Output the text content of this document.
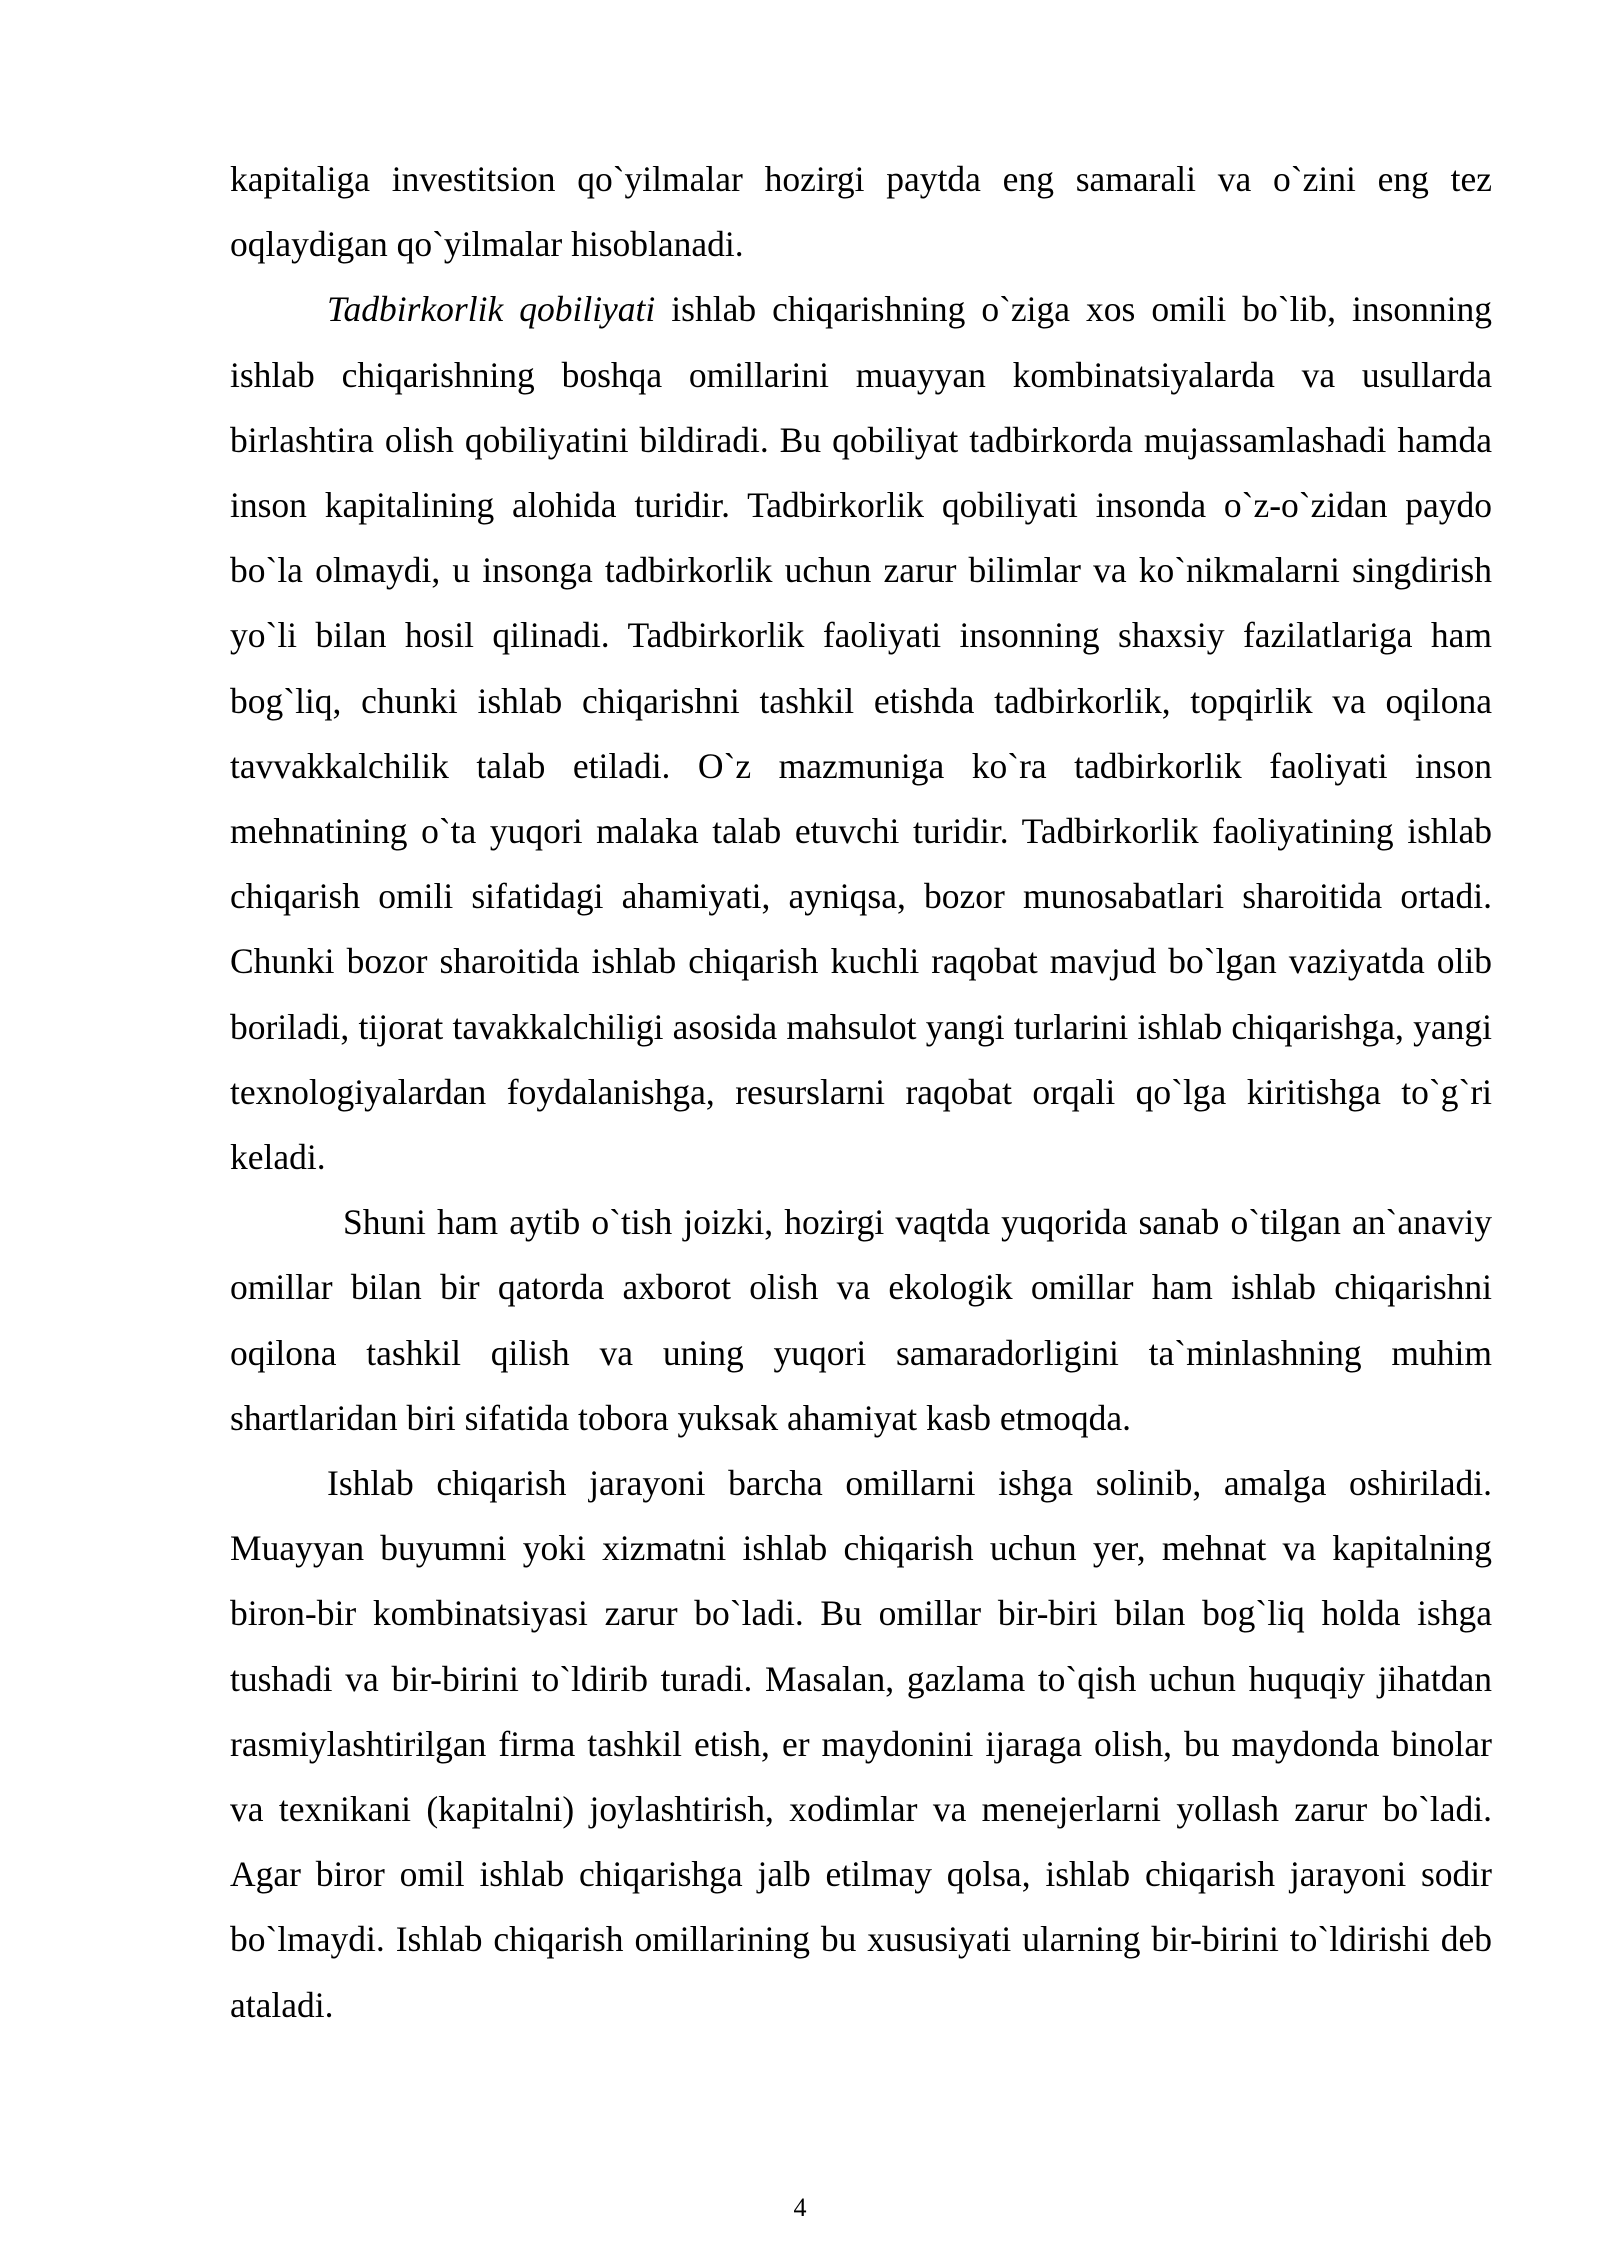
kapitaliga investitsion qo`yilmalar hozirgi paytda eng samarali va o`zini eng tez oqlaydigan qo`yilmalar hisoblanadi.

Tadbirkorlik qobiliyati ishlab chiqarishning o`ziga xos omili bo`lib, insonning ishlab chiqarishning boshqa omillarini muayyan kombinatsiyalarda va usullarda birlashtira olish qobiliyatini bildiradi. Bu qobiliyat tadbirkorda mujassamlashadi hamda inson kapitalining alohida turidir. Tadbirkorlik qobiliyati insonda o`z-o`zidan paydo bo`la olmaydi, u insonga tadbirkorlik uchun zarur bilimlar va ko`nikmalarni singdirish yo`li bilan hosil qilinadi. Tadbirkorlik faoliyati insonning shaxsiy fazilatlariga ham bog`liq, chunki ishlab chiqarishni tashkil etishda tadbirkorlik, topqirlik va oqilona tavvakkalchilik talab etiladi. O`z mazmuniga ko`ra tadbirkorlik faoliyati inson mehnatining o`ta yuqori malaka talab etuvchi turidir. Tadbirkorlik faoliyatining ishlab chiqarish omili sifatidagi ahamiyati, ayniqsa, bozor munosabatlari sharoitida ortadi. Chunki bozor sharoitida ishlab chiqarish kuchli raqobat mavjud bo`lgan vaziyatda olib boriladi, tijorat tavakkalchiligi asosida mahsulot yangi turlarini ishlab chiqarishga, yangi texnologiyalardan foydalanishga, resurslarni raqobat orqali qo`lga kiritishga to`g`ri keladi.

Shuni ham aytib o`tish joizki, hozirgi vaqtda yuqorida sanab o`tilgan an`anaviy omillar bilan bir qatorda axborot olish va ekologik omillar ham ishlab chiqarishni oqilona tashkil qilish va uning yuqori samaradorligini ta`minlashning muhim shartlaridan biri sifatida tobora yuksak ahamiyat kasb etmoqda.

Ishlab chiqarish jarayoni barcha omillarni ishga solinib, amalga oshiriladi. Muayyan buyumni yoki xizmatni ishlab chiqarish uchun yer, mehnat va kapitalning biron-bir kombinatsiyasi zarur bo`ladi. Bu omillar bir-biri bilan bog`liq holda ishga tushadi va bir-birini to`ldirib turadi. Masalan, gazlama to`qish uchun huquqiy jihatdan rasmiylashtirilgan firma tashkil etish, er maydonini ijaraga olish, bu maydonda binolar va texnikani (kapitalni) joylashtirish, xodimlar va menejerlarni yollash zarur bo`ladi. Agar biror omil ishlab chiqarishga jalb etilmay qolsa, ishlab chiqarish jarayoni sodir bo`lmaydi. Ishlab chiqarish omillarining bu xususiyati ularning bir-birini to`ldirishi deb ataladi.

4
